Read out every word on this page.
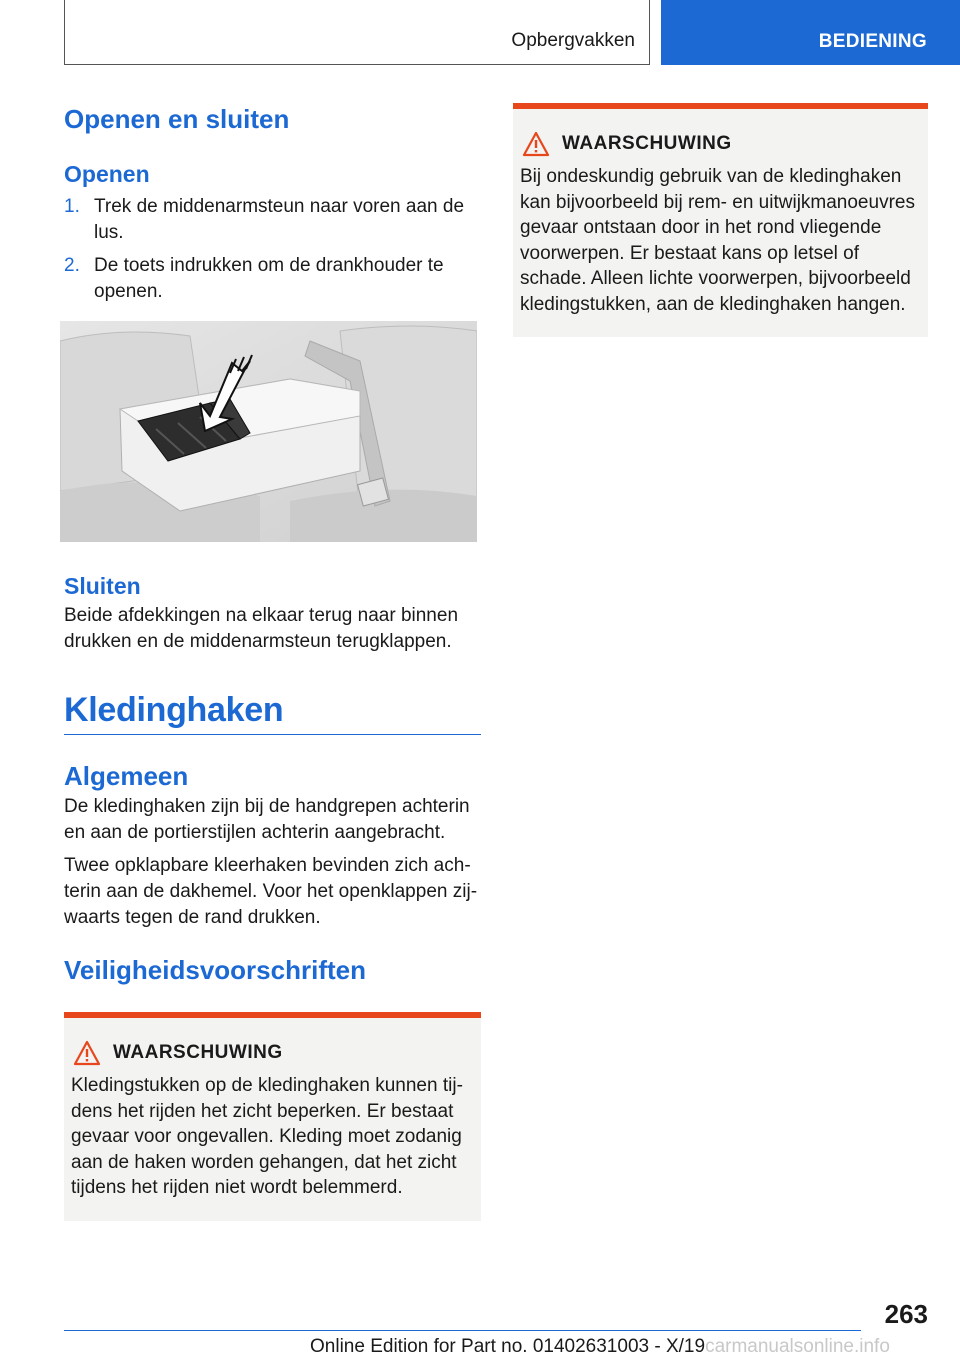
Opbergvakken	BEDIENING
Openen en sluiten
Openen
1. Trek de middenarmsteun naar voren aan de lus.
2. De toets indrukken om de drankhouder te openen.
Sluiten

Beide afdekkingen na elkaar terug naar binnen drukken en de middenarmsteun terugklappen.

Kledinghaken
Algemeen

De kledinghaken zijn bij de handgrepen achterin en aan de portierstijlen achterin aangebracht.

Twee opklapbare kleerhaken bevinden zich achterin aan de dakhemel. Voor het openklappen zijwaarts tegen de rand drukken.

Veiligheidsvoorschriften
WAARSCHUWING

Kledingstukken op de kledinghaken kunnen tijdens het rijden het zicht beperken. Er bestaat gevaar voor ongevallen. Kleding moet zodanig aan de haken worden gehangen, dat het zicht tijdens het rijden niet wordt belemmerd.

WAARSCHUWING

Bij ondeskundig gebruik van de kledinghaken kan bijvoorbeeld bij rem- en uitwijkmanoeuvres gevaar ontstaan door in het rond vliegende voorwerpen. Er bestaat kans op letsel of schade. Alleen lichte voorwerpen, bijvoorbeeld kledingstukken, aan de kledinghaken hangen.

263
Online Edition for Part no. 01402631003 - X/19carmanualsonline.info
